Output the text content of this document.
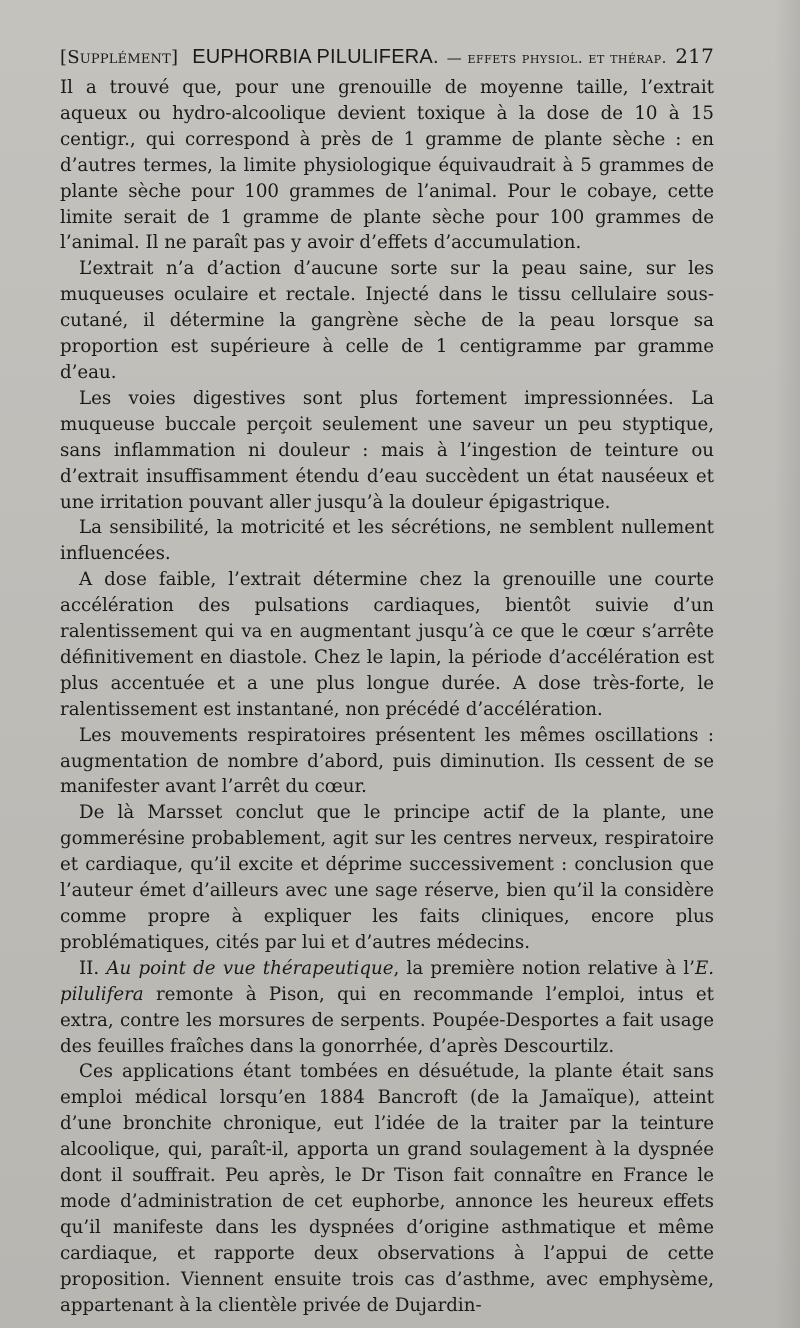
[Supplément] EUPHORBIA PILULIFERA. — effets physiol. et thérap. 217

Il a trouvé que, pour une grenouille de moyenne taille, l’extrait aqueux ou hydro-alcoolique devient toxique à la dose de 10 à 15 centigr., qui correspond à près de 1 gramme de plante sèche : en d’autres termes, la limite physiologique équivaudrait à 5 grammes de plante sèche pour 100 grammes de l’animal. Pour le cobaye, cette limite serait de 1 gramme de plante sèche pour 100 grammes de l’animal. Il ne paraît pas y avoir d’effets d’accumulation.

L’extrait n’a d’action d’aucune sorte sur la peau saine, sur les muqueuses oculaire et rectale. Injecté dans le tissu cellulaire sous-cutané, il détermine la gangrène sèche de la peau lorsque sa proportion est supérieure à celle de 1 centigramme par gramme d’eau.

Les voies digestives sont plus fortement impressionnées. La muqueuse buccale perçoit seulement une saveur un peu styptique, sans inflammation ni douleur : mais à l’ingestion de teinture ou d’extrait insuffisamment étendu d’eau succèdent un état nauséeux et une irritation pouvant aller jusqu’à la douleur épigastrique.

La sensibilité, la motricité et les sécrétions, ne semblent nullement influencées.

A dose faible, l’extrait détermine chez la grenouille une courte accélération des pulsations cardiaques, bientôt suivie d’un ralentissement qui va en augmentant jusqu’à ce que le cœur s’arrête définitivement en diastole. Chez le lapin, la période d’accélération est plus accentuée et a une plus longue durée. A dose très-forte, le ralentissement est instantané, non précédé d’accélération.

Les mouvements respiratoires présentent les mêmes oscillations : augmentation de nombre d’abord, puis diminution. Ils cessent de se manifester avant l’arrêt du cœur.

De là Marsset conclut que le principe actif de la plante, une gommerésine probablement, agit sur les centres nerveux, respiratoire et cardiaque, qu’il excite et déprime successivement : conclusion que l’auteur émet d’ailleurs avec une sage réserve, bien qu’il la considère comme propre à expliquer les faits cliniques, encore plus problématiques, cités par lui et d’autres médecins.

II. Au point de vue thérapeutique, la première notion relative à l’E. pilulifera remonte à Pison, qui en recommande l’emploi, intus et extra, contre les morsures de serpents. Poupée-Desportes a fait usage des feuilles fraîches dans la gonorrhée, d’après Descourtilz.

Ces applications étant tombées en désuétude, la plante était sans emploi médical lorsqu’en 1884 Bancroft (de la Jamaïque), atteint d’une bronchite chronique, eut l’idée de la traiter par la teinture alcoolique, qui, paraît-il, apporta un grand soulagement à la dyspnée dont il souffrait. Peu après, le Dr Tison fait connaître en France le mode d’administration de cet euphorbe, annonce les heureux effets qu’il manifeste dans les dyspnées d’origine asthmatique et même cardiaque, et rapporte deux observations à l’appui de cette proposition. Viennent ensuite trois cas d’asthme, avec emphysème, appartenant à la clientèle privée de Dujardin-
